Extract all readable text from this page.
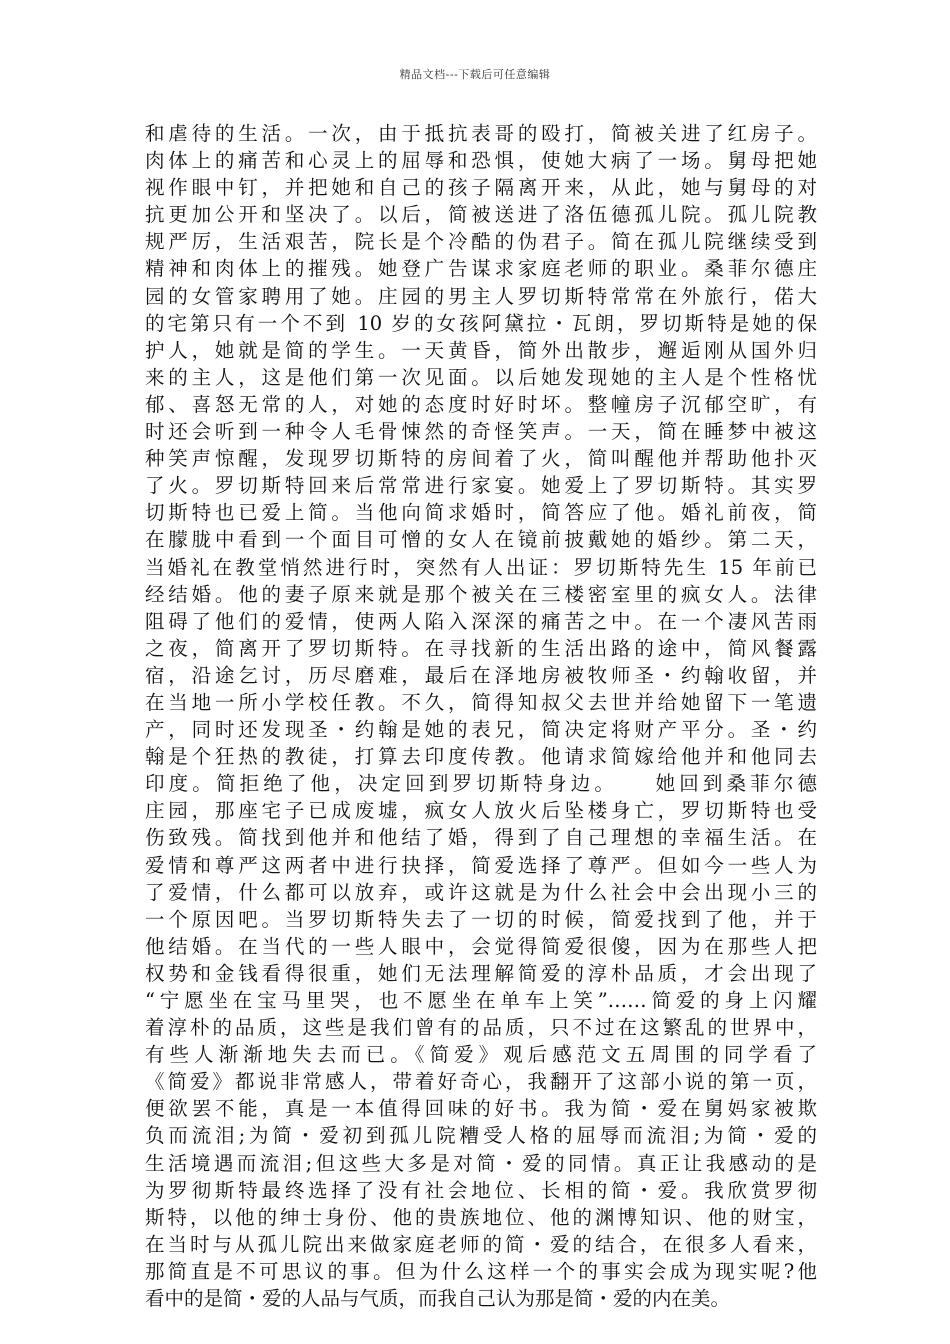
精品文档---下载后可任意编辑
和虐待的生活。一次，由于抵抗表哥的殴打，简被关进了红房子。
肉体上的痛苦和心灵上的屈辱和恐惧，使她大病了一场。舅母把她
视作眼中钉，并把她和自己的孩子隔离开来，从此，她与舅母的对
抗更加公开和坚决了。以后，简被送进了洛伍德孤儿院。孤儿院教
规严厉，生活艰苦，院长是个冷酷的伪君子。简在孤儿院继续受到
精神和肉体上的摧残。她登广告谋求家庭老师的职业。桑菲尔德庄
园的女管家聘用了她。庄园的男主人罗切斯特常常在外旅行，偌大
的宅第只有一个不到 10 岁的女孩阿黛拉・瓦朗，罗切斯特是她的保
护人，她就是简的学生。一天黄昏，简外出散步，邂逅刚从国外归
来的主人，这是他们第一次见面。以后她发现她的主人是个性格忧
郁、喜怒无常的人，对她的态度时好时坏。整幢房子沉郁空旷，有
时还会听到一种令人毛骨悚然的奇怪笑声。一天，简在睡梦中被这
种笑声惊醒，发现罗切斯特的房间着了火，简叫醒他并帮助他扑灭
了火。罗切斯特回来后常常进行家宴。她爱上了罗切斯特。其实罗
切斯特也已爱上简。当他向简求婚时，简答应了他。婚礼前夜，简
在朦胧中看到一个面目可憎的女人在镜前披戴她的婚纱。第二天，
当婚礼在教堂悄然进行时，突然有人出证：罗切斯特先生 15 年前已
经结婚。他的妻子原来就是那个被关在三楼密室里的疯女人。法律
阻碍了他们的爱情，使两人陷入深深的痛苦之中。在一个凄风苦雨
之夜，简离开了罗切斯特。在寻找新的生活出路的途中，简风餐露
宿，沿途乞讨，历尽磨难，最后在泽地房被牧师圣・约翰收留，并
在当地一所小学校任教。不久，简得知叔父去世并给她留下一笔遗
产，同时还发现圣・约翰是她的表兄，简决定将财产平分。圣・约
翰是个狂热的教徒，打算去印度传教。他请求简嫁给他并和他同去
印度。简拒绝了他，决定回到罗切斯特身边。　　她回到桑菲尔德
庄园，那座宅子已成废墟，疯女人放火后坠楼身亡，罗切斯特也受
伤致残。简找到他并和他结了婚，得到了自己理想的幸福生活。在
爱情和尊严这两者中进行抉择，简爱选择了尊严。但如今一些人为
了爱情，什么都可以放弃，或许这就是为什么社会中会出现小三的
一个原因吧。当罗切斯特失去了一切的时候，简爱找到了他，并于
他结婚。在当代的一些人眼中，会觉得简爱很傻，因为在那些人把
权势和金钱看得很重，她们无法理解简爱的淳朴品质，才会出现了
“宁愿坐在宝马里哭，也不愿坐在单车上笑”……简爱的身上闪耀
着淳朴的品质，这些是我们曾有的品质，只不过在这繁乱的世界中，
有些人渐渐地失去而已。《简爱》观后感范文五周围的同学看了
《简爱》都说非常感人，带着好奇心，我翻开了这部小说的第一页，
便欲罢不能，真是一本值得回味的好书。我为简・爱在舅妈家被欺
负而流泪;为简・爱初到孤儿院糟受人格的屈辱而流泪;为简・爱的
生活境遇而流泪;但这些大多是对简・爱的同情。真正让我感动的是
为罗彻斯特最终选择了没有社会地位、长相的简・爱。我欣赏罗彻
斯特，以他的绅士身份、他的贵族地位、他的渊博知识、他的财宝，
在当时与从孤儿院出来做家庭老师的简・爱的结合，在很多人看来，
那简直是不可思议的事。但为什么这样一个的事实会成为现实呢?他
看中的是简・爱的人品与气质，而我自己认为那是简・爱的内在美。
